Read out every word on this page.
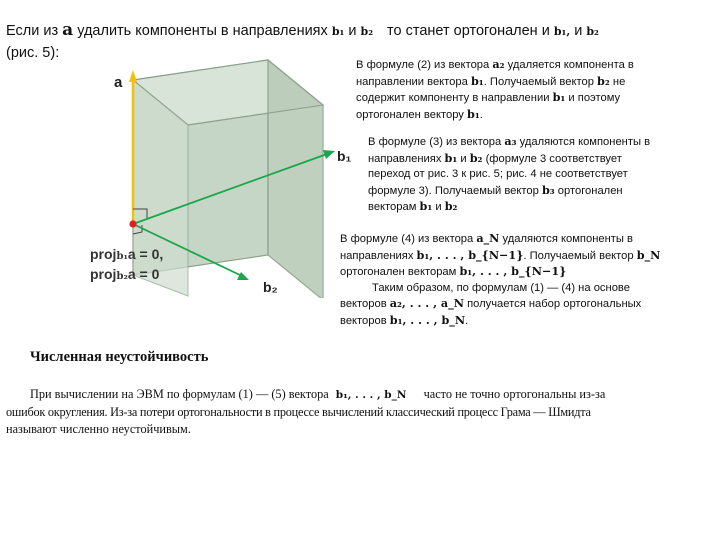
Если из a удалить компоненты в направлениях b₁ и b₂ то станет ортогонален и b₁, и b₂
(рис. 5):
a
b₁
b₂
projb₁a = 0,
projb₂a = 0
В формуле (2) из вектора a₂ удаляется компонента в
направлении вектора b₁. Получаемый вектор b₂ не
содержит компоненту в направлении b₁ и поэтому
ортогонален вектору b₁.
В формуле (3) из вектора a₃ удаляются компоненты в
направлениях b₁ и b₂ (формуле 3 соответствует
переход от рис. 3 к рис. 5; рис. 4 не соответствует
формуле 3). Получаемый вектор b₃ ортогонален
векторам b₁ и b₂
В формуле (4) из вектора a_N удаляются компоненты в
направлениях b₁, . . . , b_{N−1}. Получаемый вектор b_N
ортогонален векторам b₁, . . . , b_{N−1}
Таким образом, по формулам (1) — (4) на основе
векторов a₂, . . . , a_N получается набор ортогональных
векторов b₁, . . . , b_N.
Численная неустойчивость
При вычислении на ЭВМ по формулам (1) — (5) вектора b₁, . . . , b_N часто не точно ортогональны из-за
ошибок округления. Из-за потери ортогональности в процессе вычислений классический процесс Грама — Шмидта
называют численно неустойчивым.
